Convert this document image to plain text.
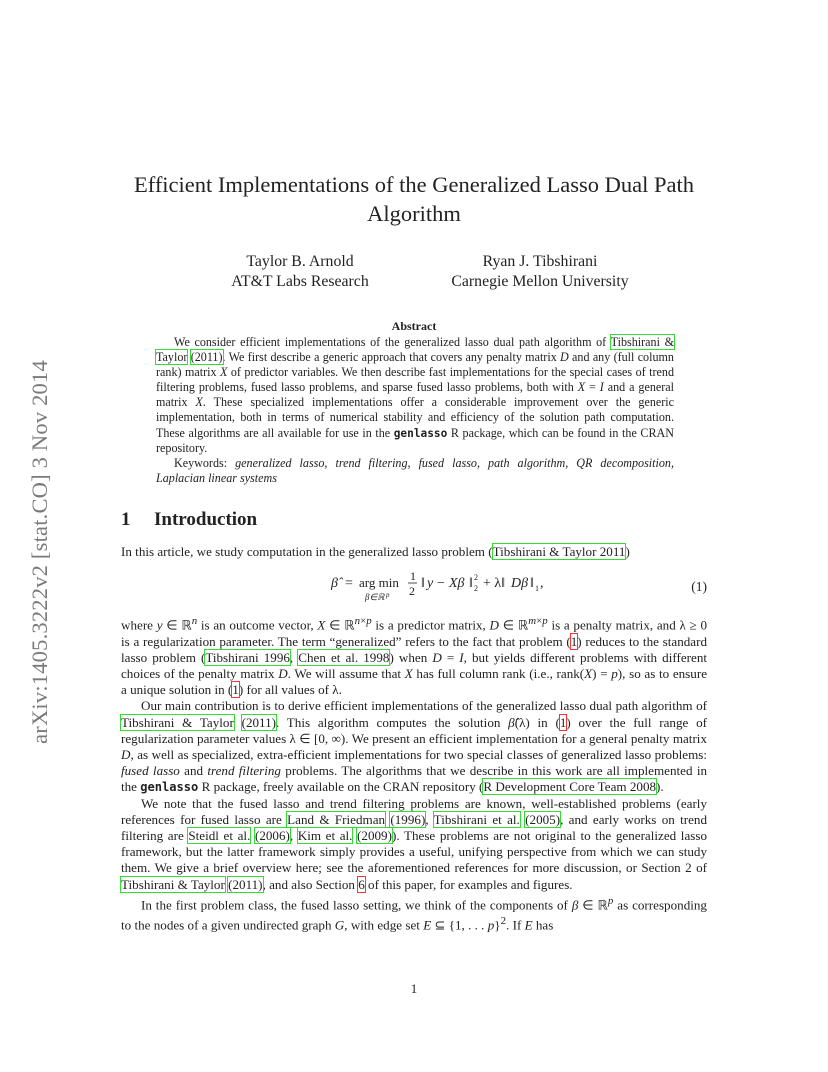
arXiv:1405.3222v2 [stat.CO] 3 Nov 2014
Efficient Implementations of the Generalized Lasso Dual Path
Algorithm
Taylor B. Arnold
AT&T Labs Research
Ryan J. Tibshirani
Carnegie Mellon University
Abstract

We consider efficient implementations of the generalized lasso dual path algorithm of Tibshirani & Taylor (2011). We first describe a generic approach that covers any penalty matrix D and any (full column rank) matrix X of predictor variables. We then describe fast implementations for the special cases of trend filtering problems, fused lasso problems, and sparse fused lasso problems, both with X = I and a general matrix X. These specialized implementations offer a considerable improvement over the generic implementation, both in terms of numerical stability and efficiency of the solution path computation. These algorithms are all available for use in the genlasso R package, which can be found in the CRAN repository.

Keywords: generalized lasso, trend filtering, fused lasso, path algorithm, QR decomposition, Laplacian linear systems

1 Introduction
In this article, we study computation in the generalized lasso problem (Tibshirani & Taylor 2011)
β̂ = arg min
β∈ℝ p
1
2 ‖ y − Xβ ‖ 2
2 + λ‖ Dβ ‖ 1 ,	(1)

where y ∈ ℝ$^n$ is an outcome vector, X ∈ ℝ$^{n\times p}$ is a predictor matrix, D ∈ ℝ$^{m\times p}$ is a penalty matrix, and λ ≥ 0 is a regularization parameter. The term “generalized” refers to the fact that problem (1) reduces to the standard lasso problem (Tibshirani 1996, Chen et al. 1998) when D = I, but yields different problems with different choices of the penalty matrix D. We will assume that X has full column rank (i.e., rank(X) = p), so as to ensure a unique solution in (1) for all values of λ.

Our main contribution is to derive efficient implementations of the generalized lasso dual path algorithm of Tibshirani & Taylor (2011). This algorithm computes the solution β̂(λ) in (1) over the full range of regularization parameter values λ ∈ [0, ∞). We present an efficient implementation for a general penalty matrix D, as well as specialized, extra-efficient implementations for two special classes of generalized lasso problems: fused lasso and trend filtering problems. The algorithms that we describe in this work are all implemented in the genlasso R package, freely available on the CRAN repository (R Development Core Team 2008).

We note that the fused lasso and trend filtering problems are known, well-established problems (early references for fused lasso are Land & Friedman (1996), Tibshirani et al. (2005), and early works on trend filtering are Steidl et al. (2006), Kim et al. (2009)). These problems are not original to the generalized lasso framework, but the latter framework simply provides a useful, unifying perspective from which we can study them. We give a brief overview here; see the aforementioned references for more discussion, or Section 2 of Tibshirani & Taylor (2011), and also Section 6 of this paper, for examples and figures.

In the first problem class, the fused lasso setting, we think of the components of β ∈ ℝ$^p$ as corresponding to the nodes of a given undirected graph G, with edge set E ⊆ {1, . . . p}$^2$. If E has

1
